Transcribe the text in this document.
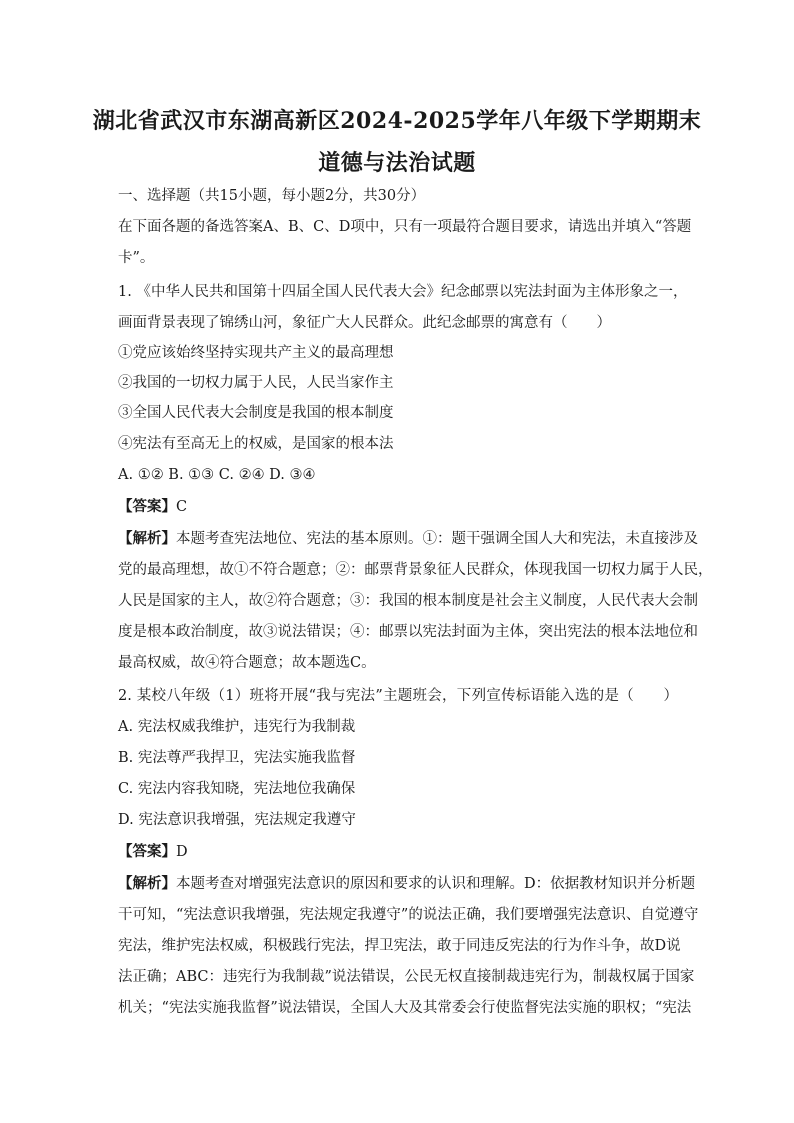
湖北省武汉市东湖高新区2024-2025学年八年级下学期期末
道德与法治试题
一、选择题（共15小题，每小题2分，共30分）
在下面各题的备选答案A、B、C、D项中，只有一项最符合题目要求，请选出并填入“答题
卡”。
1. 《中华人民共和国第十四届全国人民代表大会》纪念邮票以宪法封面为主体形象之一，
画面背景表现了锦绣山河，象征广大人民群众。此纪念邮票的寓意有（　　）
①党应该始终坚持实现共产主义的最高理想
②我国的一切权力属于人民，人民当家作主
③全国人民代表大会制度是我国的根本制度
④宪法有至高无上的权威，是国家的根本法
A. ①② B. ①③ C. ②④ D. ③④
【答案】C
【解析】本题考查宪法地位、宪法的基本原则。①：题干强调全国人大和宪法，未直接涉及
党的最高理想，故①不符合题意；②：邮票背景象征人民群众，体现我国一切权力属于人民，
人民是国家的主人，故②符合题意；③：我国的根本制度是社会主义制度，人民代表大会制
度是根本政治制度，故③说法错误；④：邮票以宪法封面为主体，突出宪法的根本法地位和
最高权威，故④符合题意；故本题选C。
2. 某校八年级（1）班将开展“我与宪法”主题班会，下列宣传标语能入选的是（　　）
A. 宪法权威我维护，违宪行为我制裁
B. 宪法尊严我捍卫，宪法实施我监督
C. 宪法内容我知晓，宪法地位我确保
D. 宪法意识我增强，宪法规定我遵守
【答案】D
【解析】本题考查对增强宪法意识的原因和要求的认识和理解。D：依据教材知识并分析题
干可知，“宪法意识我增强，宪法规定我遵守”的说法正确，我们要增强宪法意识、自觉遵守
宪法，维护宪法权威，积极践行宪法，捍卫宪法，敢于同违反宪法的行为作斗争，故D说
法正确；ABC：违宪行为我制裁”说法错误，公民无权直接制裁违宪行为，制裁权属于国家
机关；“宪法实施我监督”说法错误，全国人大及其常委会行使监督宪法实施的职权；“宪法
